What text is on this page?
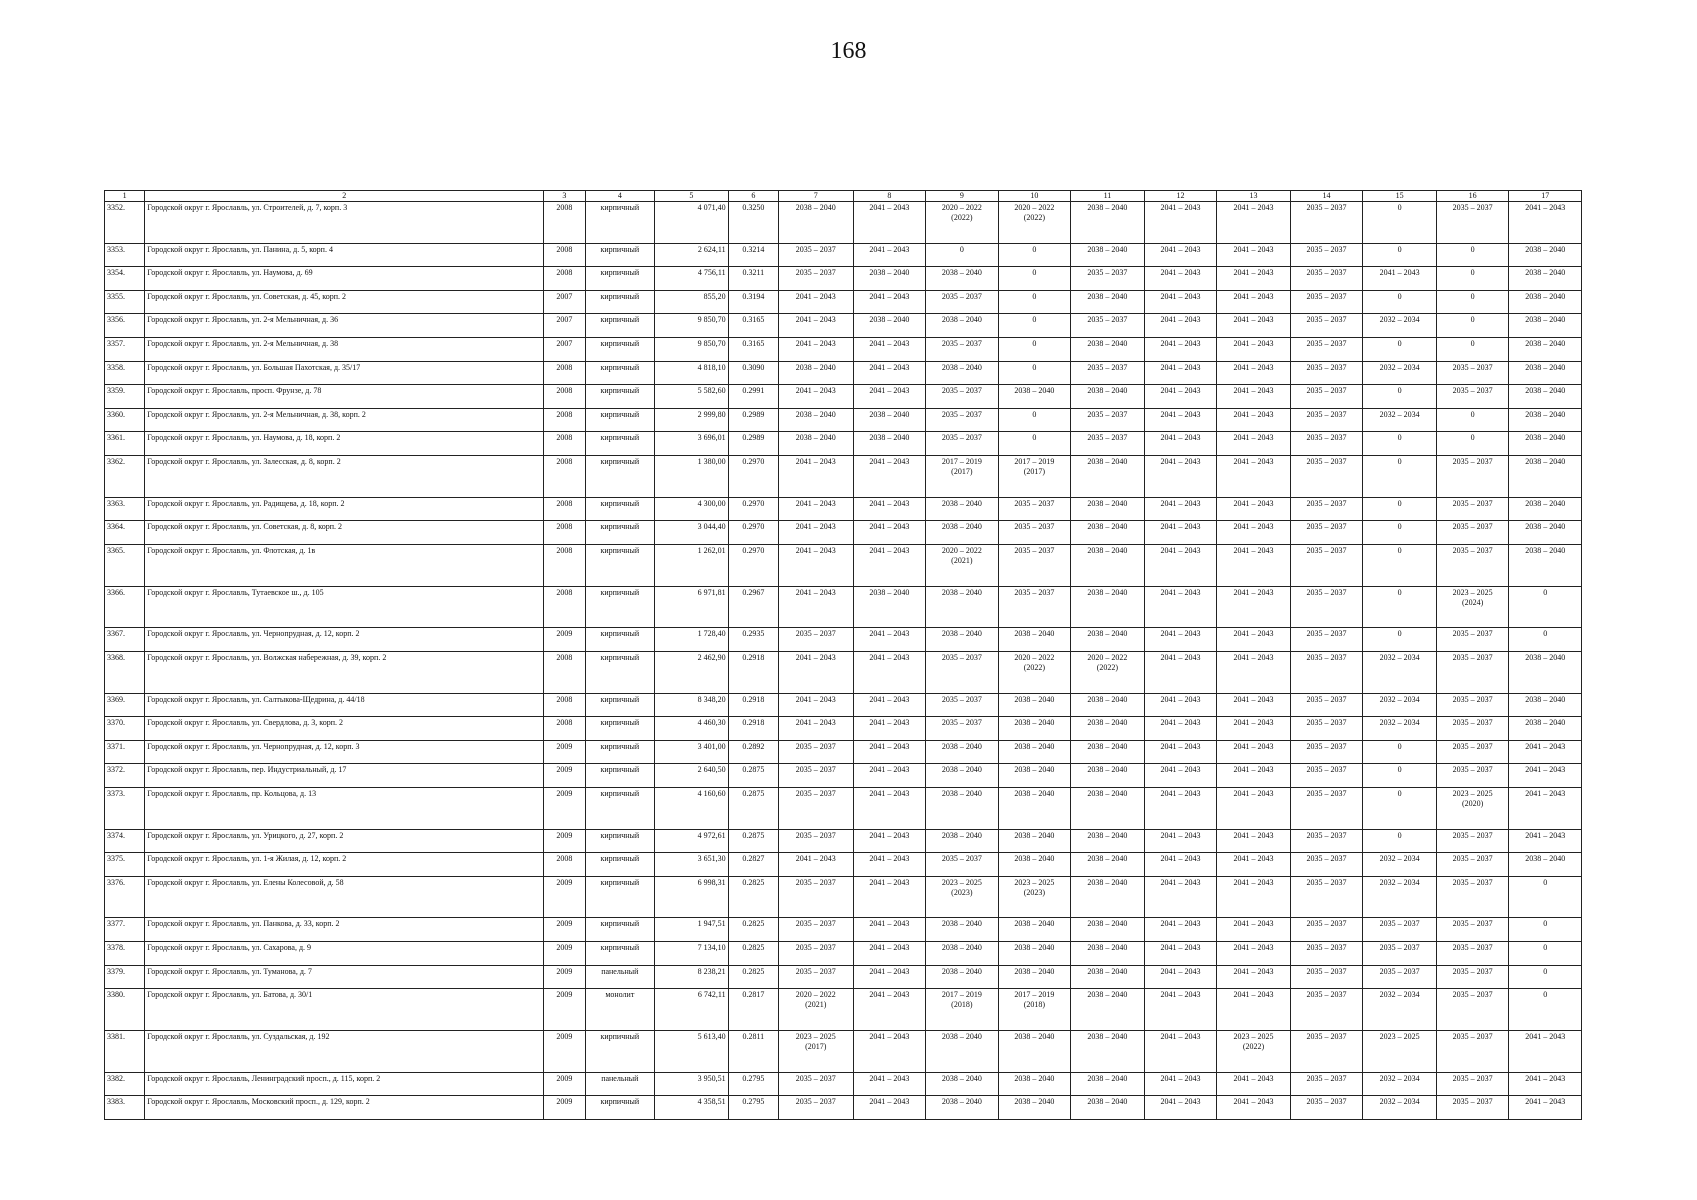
168
1	2	3	4	5	6	7	8	9	10	11	12	13	14	15	16	17

3352.	Городской округ г. Ярославль, ул. Строителей, д. 7, корп. 3	2008	кирпичный	4 071,40	0.3250	2038 – 2040	2041 – 2043	2020 – 2022
(2022)	2020 – 2022
(2022)	2038 – 2040	2041 – 2043	2041 – 2043	2035 – 2037	0	2035 – 2037	2041 – 2043

3353.	Городской округ г. Ярославль, ул. Панина, д. 5, корп. 4	2008	кирпичный	2 624,11	0.3214	2035 – 2037	2041 – 2043	0	0	2038 – 2040	2041 – 2043	2041 – 2043	2035 – 2037	0	0	2038 – 2040

3354.	Городской округ г. Ярославль, ул. Наумова, д. 69	2008	кирпичный	4 756,11	0.3211	2035 – 2037	2038 – 2040	2038 – 2040	0	2035 – 2037	2041 – 2043	2041 – 2043	2035 – 2037	2041 – 2043	0	2038 – 2040

3355.	Городской округ г. Ярославль, ул. Советская, д. 45, корп. 2	2007	кирпичный	855,20	0.3194	2041 – 2043	2041 – 2043	2035 – 2037	0	2038 – 2040	2041 – 2043	2041 – 2043	2035 – 2037	0	0	2038 – 2040

3356.	Городской округ г. Ярославль, ул. 2-я Мельничная, д. 36	2007	кирпичный	9 850,70	0.3165	2041 – 2043	2038 – 2040	2038 – 2040	0	2035 – 2037	2041 – 2043	2041 – 2043	2035 – 2037	2032 – 2034	0	2038 – 2040

3357.	Городской округ г. Ярославль, ул. 2-я Мельничная, д. 38	2007	кирпичный	9 850,70	0.3165	2041 – 2043	2041 – 2043	2035 – 2037	0	2038 – 2040	2041 – 2043	2041 – 2043	2035 – 2037	0	0	2038 – 2040

3358.	Городской округ г. Ярославль, ул. Большая Пахотская, д. 35/17	2008	кирпичный	4 818,10	0.3090	2038 – 2040	2041 – 2043	2038 – 2040	0	2035 – 2037	2041 – 2043	2041 – 2043	2035 – 2037	2032 – 2034	2035 – 2037	2038 – 2040

3359.	Городской округ г. Ярославль, просп. Фрунзе, д. 78	2008	кирпичный	5 582,60	0.2991	2041 – 2043	2041 – 2043	2035 – 2037	2038 – 2040	2038 – 2040	2041 – 2043	2041 – 2043	2035 – 2037	0	2035 – 2037	2038 – 2040

3360.	Городской округ г. Ярославль, ул. 2-я Мельничная, д. 38, корп. 2	2008	кирпичный	2 999,80	0.2989	2038 – 2040	2038 – 2040	2035 – 2037	0	2035 – 2037	2041 – 2043	2041 – 2043	2035 – 2037	2032 – 2034	0	2038 – 2040

3361.	Городской округ г. Ярославль, ул. Наумова, д. 18, корп. 2	2008	кирпичный	3 696,01	0.2989	2038 – 2040	2038 – 2040	2035 – 2037	0	2035 – 2037	2041 – 2043	2041 – 2043	2035 – 2037	0	0	2038 – 2040

3362.	Городской округ г. Ярославль, ул. Залесская, д. 8, корп. 2	2008	кирпичный	1 380,00	0.2970	2041 – 2043	2041 – 2043	2017 – 2019
(2017)	2017 – 2019
(2017)	2038 – 2040	2041 – 2043	2041 – 2043	2035 – 2037	0	2035 – 2037	2038 – 2040

3363.	Городской округ г. Ярославль, ул. Радищева, д. 18, корп. 2	2008	кирпичный	4 300,00	0.2970	2041 – 2043	2041 – 2043	2038 – 2040	2035 – 2037	2038 – 2040	2041 – 2043	2041 – 2043	2035 – 2037	0	2035 – 2037	2038 – 2040

3364.	Городской округ г. Ярославль, ул. Советская, д. 8, корп. 2	2008	кирпичный	3 044,40	0.2970	2041 – 2043	2041 – 2043	2038 – 2040	2035 – 2037	2038 – 2040	2041 – 2043	2041 – 2043	2035 – 2037	0	2035 – 2037	2038 – 2040

3365.	Городской округ г. Ярославль, ул. Флотская, д. 1в	2008	кирпичный	1 262,01	0.2970	2041 – 2043	2041 – 2043	2020 – 2022
(2021)	2035 – 2037	2038 – 2040	2041 – 2043	2041 – 2043	2035 – 2037	0	2035 – 2037	2038 – 2040

3366.	Городской округ г. Ярославль, Тутаевское ш., д. 105	2008	кирпичный	6 971,81	0.2967	2041 – 2043	2038 – 2040	2038 – 2040	2035 – 2037	2038 – 2040	2041 – 2043	2041 – 2043	2035 – 2037	0	2023 – 2025
(2024)	0

3367.	Городской округ г. Ярославль, ул. Чернопрудная, д. 12, корп. 2	2009	кирпичный	1 728,40	0.2935	2035 – 2037	2041 – 2043	2038 – 2040	2038 – 2040	2038 – 2040	2041 – 2043	2041 – 2043	2035 – 2037	0	2035 – 2037	0

3368.	Городской округ г. Ярославль, ул. Волжская набережная, д. 39, корп. 2	2008	кирпичный	2 462,90	0.2918	2041 – 2043	2041 – 2043	2035 – 2037	2020 – 2022
(2022)	2020 – 2022
(2022)	2041 – 2043	2041 – 2043	2035 – 2037	2032 – 2034	2035 – 2037	2038 – 2040

3369.	Городской округ г. Ярославль, ул. Салтыкова-Щедрина, д. 44/18	2008	кирпичный	8 348,20	0.2918	2041 – 2043	2041 – 2043	2035 – 2037	2038 – 2040	2038 – 2040	2041 – 2043	2041 – 2043	2035 – 2037	2032 – 2034	2035 – 2037	2038 – 2040

3370.	Городской округ г. Ярославль, ул. Свердлова, д. 3, корп. 2	2008	кирпичный	4 460,30	0.2918	2041 – 2043	2041 – 2043	2035 – 2037	2038 – 2040	2038 – 2040	2041 – 2043	2041 – 2043	2035 – 2037	2032 – 2034	2035 – 2037	2038 – 2040

3371.	Городской округ г. Ярославль, ул. Чернопрудная, д. 12, корп. 3	2009	кирпичный	3 401,00	0.2892	2035 – 2037	2041 – 2043	2038 – 2040	2038 – 2040	2038 – 2040	2041 – 2043	2041 – 2043	2035 – 2037	0	2035 – 2037	2041 – 2043

3372.	Городской округ г. Ярославль, пер. Индустриальный, д. 17	2009	кирпичный	2 640,50	0.2875	2035 – 2037	2041 – 2043	2038 – 2040	2038 – 2040	2038 – 2040	2041 – 2043	2041 – 2043	2035 – 2037	0	2035 – 2037	2041 – 2043

3373.	Городской округ г. Ярославль, пр. Кольцова, д. 13	2009	кирпичный	4 160,60	0.2875	2035 – 2037	2041 – 2043	2038 – 2040	2038 – 2040	2038 – 2040	2041 – 2043	2041 – 2043	2035 – 2037	0	2023 – 2025
(2020)	2041 – 2043

3374.	Городской округ г. Ярославль, ул. Урицкого, д. 27, корп. 2	2009	кирпичный	4 972,61	0.2875	2035 – 2037	2041 – 2043	2038 – 2040	2038 – 2040	2038 – 2040	2041 – 2043	2041 – 2043	2035 – 2037	0	2035 – 2037	2041 – 2043

3375.	Городской округ г. Ярославль, ул. 1-я Жилая, д. 12, корп. 2	2008	кирпичный	3 651,30	0.2827	2041 – 2043	2041 – 2043	2035 – 2037	2038 – 2040	2038 – 2040	2041 – 2043	2041 – 2043	2035 – 2037	2032 – 2034	2035 – 2037	2038 – 2040

3376.	Городской округ г. Ярославль, ул. Елены Колесовой, д. 58	2009	кирпичный	6 998,31	0.2825	2035 – 2037	2041 – 2043	2023 – 2025
(2023)	2023 – 2025
(2023)	2038 – 2040	2041 – 2043	2041 – 2043	2035 – 2037	2032 – 2034	2035 – 2037	0

3377.	Городской округ г. Ярославль, ул. Панкова, д. 33, корп. 2	2009	кирпичный	1 947,51	0.2825	2035 – 2037	2041 – 2043	2038 – 2040	2038 – 2040	2038 – 2040	2041 – 2043	2041 – 2043	2035 – 2037	2035 – 2037	2035 – 2037	0

3378.	Городской округ г. Ярославль, ул. Сахарова, д. 9	2009	кирпичный	7 134,10	0.2825	2035 – 2037	2041 – 2043	2038 – 2040	2038 – 2040	2038 – 2040	2041 – 2043	2041 – 2043	2035 – 2037	2035 – 2037	2035 – 2037	0

3379.	Городской округ г. Ярославль, ул. Туманова, д. 7	2009	панельный	8 238,21	0.2825	2035 – 2037	2041 – 2043	2038 – 2040	2038 – 2040	2038 – 2040	2041 – 2043	2041 – 2043	2035 – 2037	2035 – 2037	2035 – 2037	0

3380.	Городской округ г. Ярославль, ул. Батова, д. 30/1	2009	монолит	6 742,11	0.2817	2020 – 2022
(2021)	2041 – 2043	2017 – 2019
(2018)	2017 – 2019
(2018)	2038 – 2040	2041 – 2043	2041 – 2043	2035 – 2037	2032 – 2034	2035 – 2037	0

3381.	Городской округ г. Ярославль, ул. Суздальская, д. 192	2009	кирпичный	5 613,40	0.2811	2023 – 2025
(2017)	2041 – 2043	2038 – 2040	2038 – 2040	2038 – 2040	2041 – 2043	2023 – 2025
(2022)	2035 – 2037	2023 – 2025	2035 – 2037	2041 – 2043

3382.	Городской округ г. Ярославль, Ленинградский просп., д. 115, корп. 2	2009	панельный	3 950,51	0.2795	2035 – 2037	2041 – 2043	2038 – 2040	2038 – 2040	2038 – 2040	2041 – 2043	2041 – 2043	2035 – 2037	2032 – 2034	2035 – 2037	2041 – 2043

3383.	Городской округ г. Ярославль, Московский просп., д. 129, корп. 2	2009	кирпичный	4 358,51	0.2795	2035 – 2037	2041 – 2043	2038 – 2040	2038 – 2040	2038 – 2040	2041 – 2043	2041 – 2043	2035 – 2037	2032 – 2034	2035 – 2037	2041 – 2043
